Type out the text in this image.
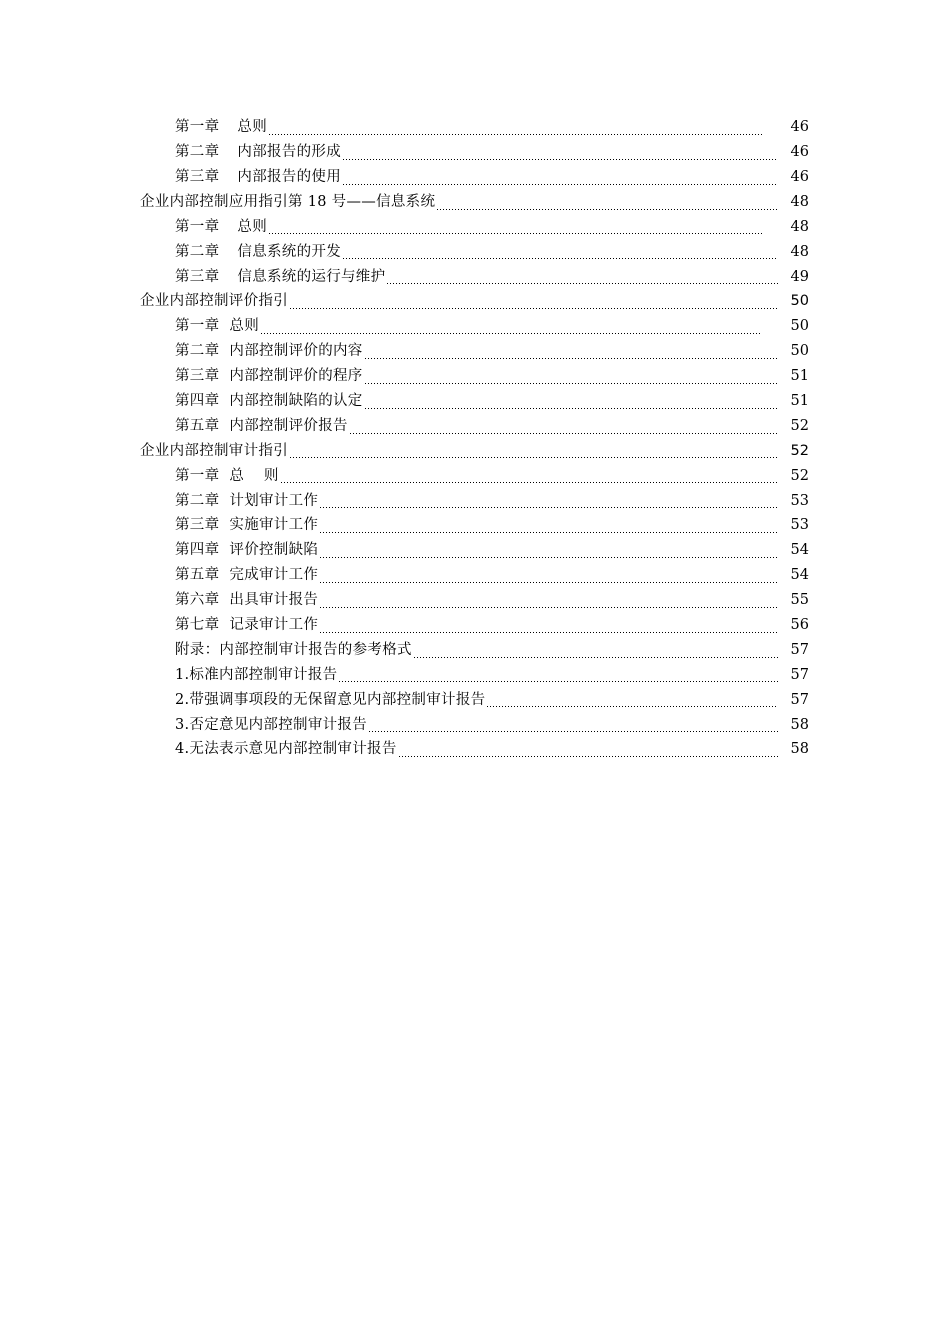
第一章 总则	46
第二章 内部报告的形成	46
第三章 内部报告的使用	46
企业内部控制应用指引第 18 号——信息系统	48
第一章 总则	48
第二章 信息系统的开发	48
第三章 信息系统的运行与维护	49
企业内部控制评价指引	50
第一章 总则	50
第二章 内部控制评价的内容	50
第三章 内部控制评价的程序	51
第四章 内部控制缺陷的认定	51
第五章 内部控制评价报告	52
企业内部控制审计指引	52
第一章 总　 则	52
第二章 计划审计工作	53
第三章 实施审计工作	53
第四章 评价控制缺陷	54
第五章 完成审计工作	54
第六章 出具审计报告	55
第七章 记录审计工作	56
附录：内部控制审计报告的参考格式	57
1.标准内部控制审计报告	57
2.带强调事项段的无保留意见内部控制审计报告	57
3.否定意见内部控制审计报告	58
4.无法表示意见内部控制审计报告	58
